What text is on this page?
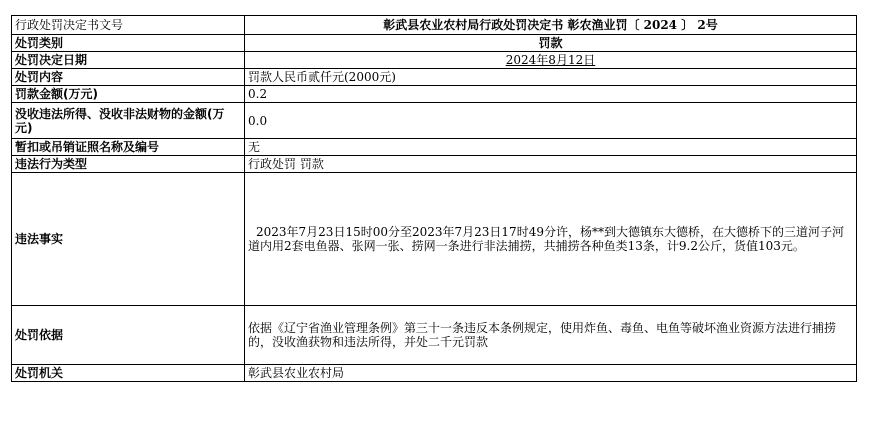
行政处罚决定书文号	彰武县农业农村局行政处罚决定书 彰农渔业罚〔 2024 〕 2号
处罚类别	罚款
处罚决定日期	2024年8月12日
处罚内容	罚款人民币贰仟元(2000元)
罚款金额(万元)	0.2
没收违法所得、没收非法财物的金额(万元)	0.0
暂扣或吊销证照名称及编号	无
违法行为类型	行政处罚 罚款
违法事实	2023年7月23日15时00分至2023年7月23日17时49分许，杨**到大德镇东大德桥，在大德桥下的三道河子河道内用2套电鱼器、张网一张、捞网一条进行非法捕捞，共捕捞各种鱼类13条，计9.2公斤，货值103元。
处罚依据	依据《辽宁省渔业管理条例》第三十一条违反本条例规定，使用炸鱼、毒鱼、电鱼等破坏渔业资源方法进行捕捞的，没收渔获物和违法所得，并处二千元罚款
处罚机关	彰武县农业农村局
